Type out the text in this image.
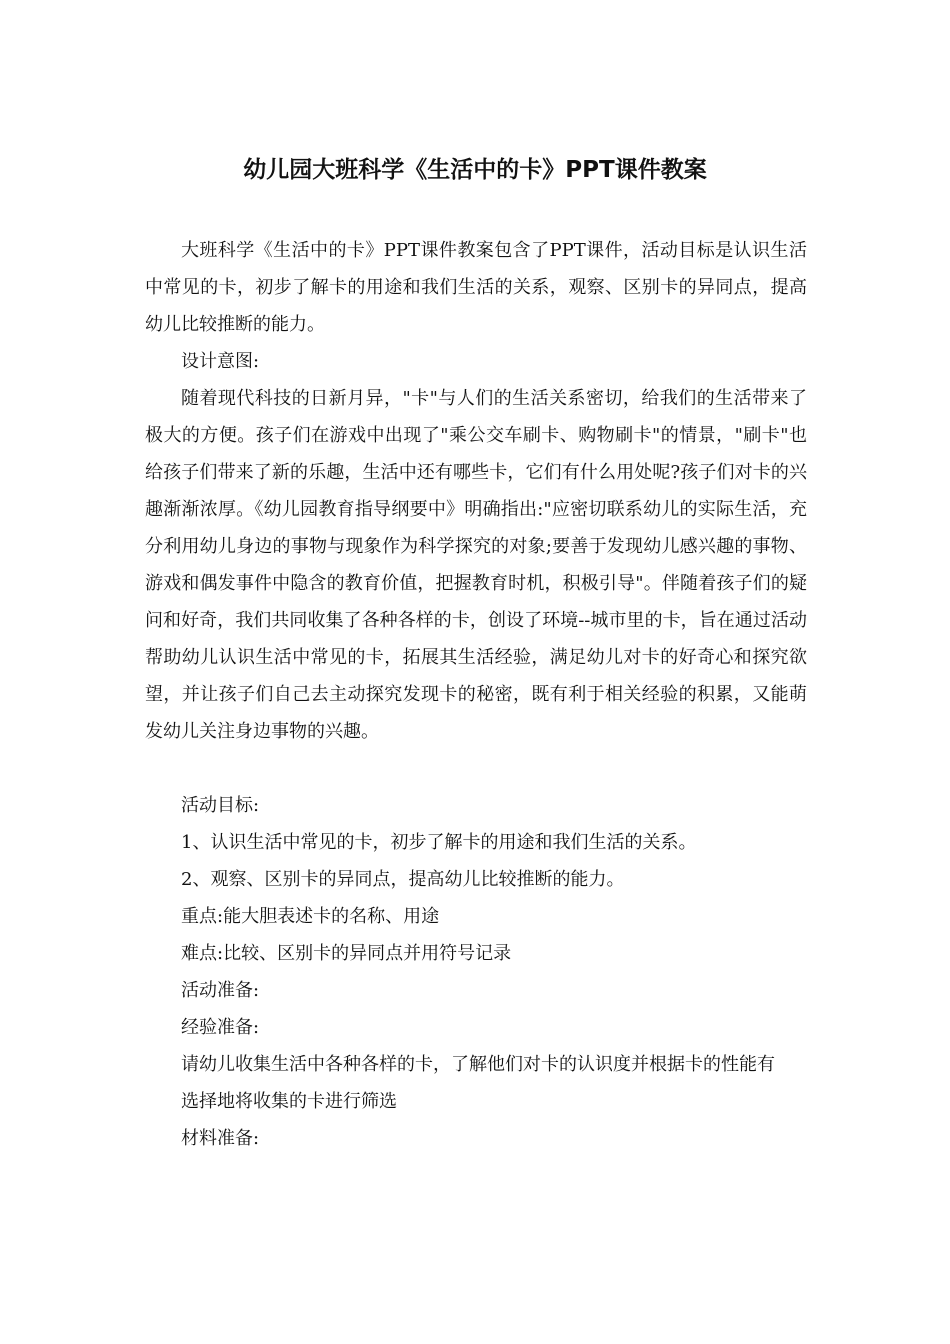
幼儿园大班科学《生活中的卡》PPT课件教案

大班科学《生活中的卡》PPT课件教案包含了PPT课件，活动目标是认识生活中常见的卡，初步了解卡的用途和我们生活的关系，观察、区别卡的异同点，提高幼儿比较推断的能力。

设计意图:

随着现代科技的日新月异，"卡"与人们的生活关系密切，给我们的生活带来了极大的方便。孩子们在游戏中出现了"乘公交车刷卡、购物刷卡"的情景，"刷卡"也给孩子们带来了新的乐趣，生活中还有哪些卡，它们有什么用处呢?孩子们对卡的兴趣渐渐浓厚。《幼儿园教育指导纲要中》明确指出:"应密切联系幼儿的实际生活，充分利用幼儿身边的事物与现象作为科学探究的对象;要善于发现幼儿感兴趣的事物、游戏和偶发事件中隐含的教育价值，把握教育时机，积极引导"。伴随着孩子们的疑问和好奇，我们共同收集了各种各样的卡，创设了环境--城市里的卡，旨在通过活动帮助幼儿认识生活中常见的卡，拓展其生活经验，满足幼儿对卡的好奇心和探究欲望，并让孩子们自己去主动探究发现卡的秘密，既有利于相关经验的积累，又能萌发幼儿关注身边事物的兴趣。

活动目标:

1、认识生活中常见的卡，初步了解卡的用途和我们生活的关系。

2、观察、区别卡的异同点，提高幼儿比较推断的能力。

重点:能大胆表述卡的名称、用途

难点:比较、区别卡的异同点并用符号记录

活动准备:

经验准备:

请幼儿收集生活中各种各样的卡，了解他们对卡的认识度并根据卡的性能有

选择地将收集的卡进行筛选

材料准备:
